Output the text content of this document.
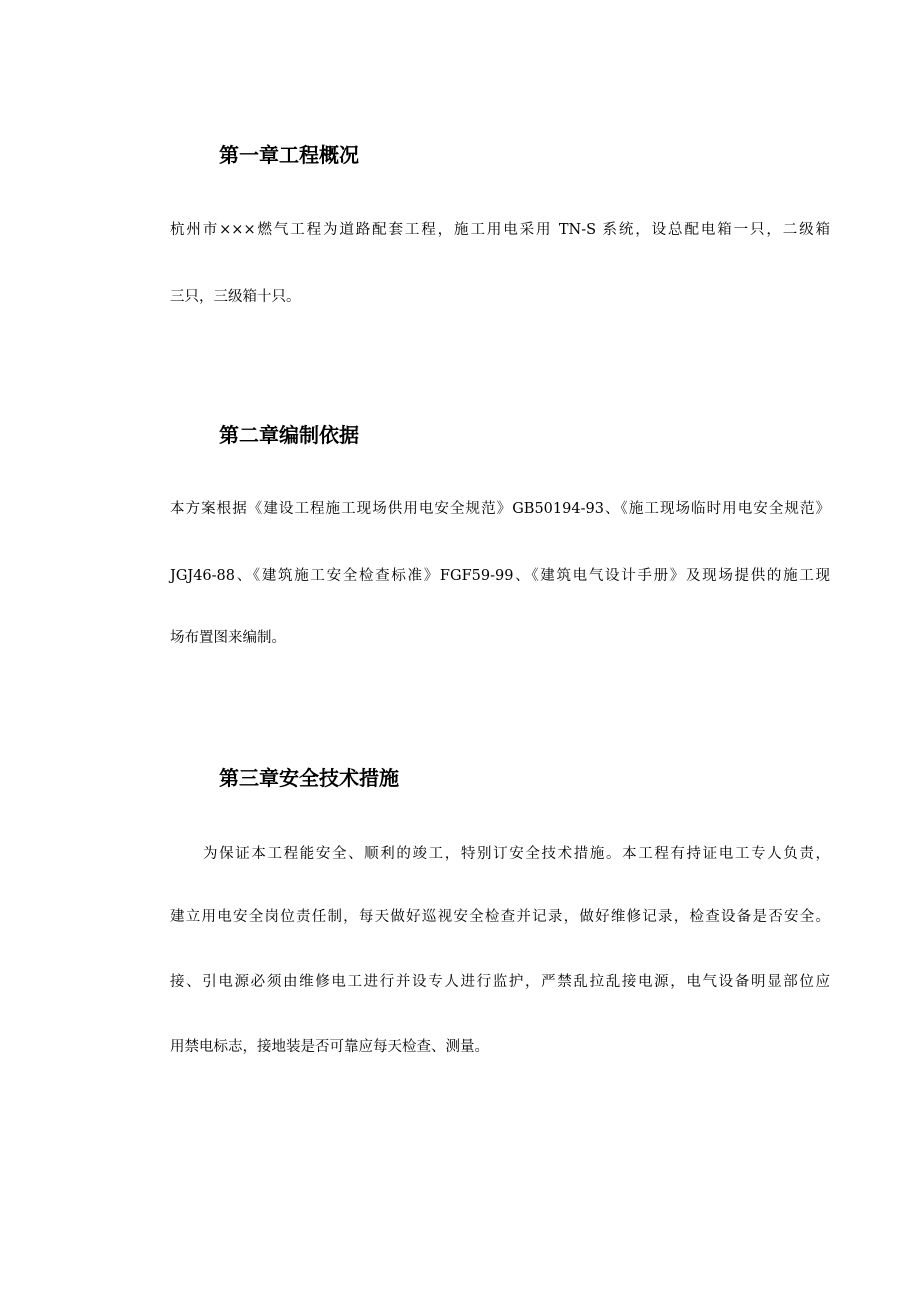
第一章工程概况

杭州市×××燃气工程为道路配套工程，施工用电采用 TN-S 系统，设总配电箱一只，二级箱

三只，三级箱十只。

第二章编制依据

本方案根据《建设工程施工现场供用电安全规范》GB50194-93、《施工现场临时用电安全规范》

JGJ46-88、《建筑施工安全检查标准》FGF59-99、《建筑电气设计手册》及现场提供的施工现

场布置图来编制。

第三章安全技术措施

为保证本工程能安全、顺利的竣工，特别订安全技术措施。本工程有持证电工专人负责，

建立用电安全岗位责任制，每天做好巡视安全检查并记录，做好维修记录，检查设备是否安全。

接、引电源必须由维修电工进行并设专人进行监护，严禁乱拉乱接电源，电气设备明显部位应

用禁电标志，接地装是否可靠应每天检查、测量。
